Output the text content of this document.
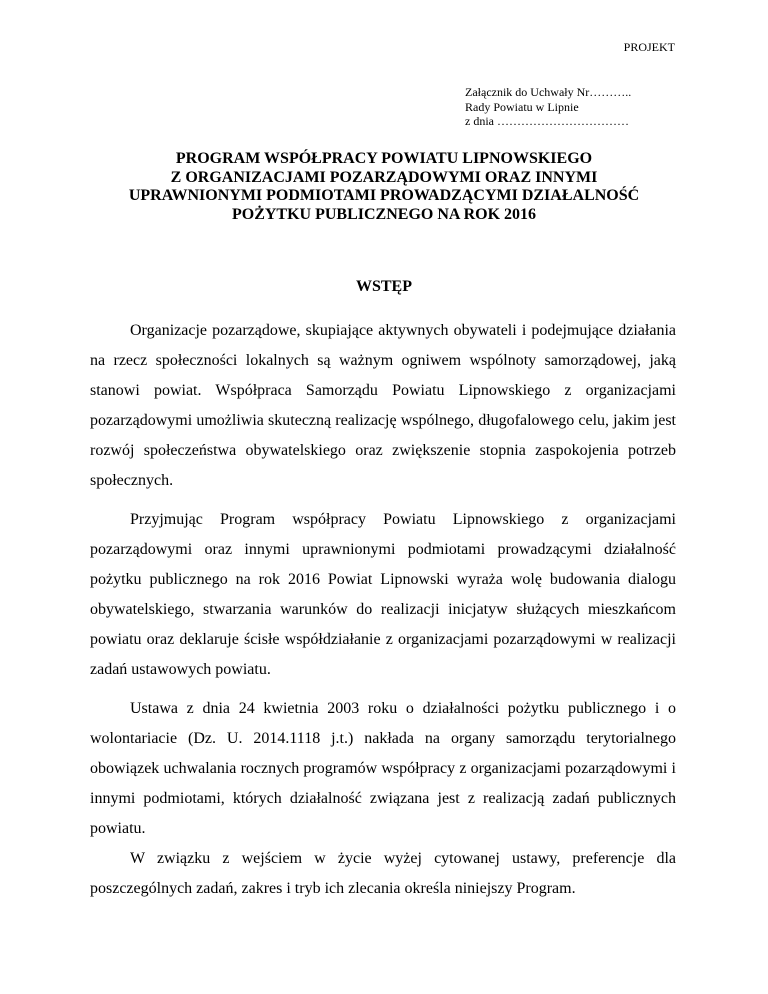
PROJEKT
Załącznik do Uchwały Nr………..
Rady Powiatu w Lipnie
z dnia ……………………………
PROGRAM WSPÓŁPRACY POWIATU LIPNOWSKIEGO
Z ORGANIZACJAMI POZARZĄDOWYMI ORAZ INNYMI
UPRAWNIONYMI PODMIOTAMI PROWADZĄCYMI DZIAŁALNOŚĆ
POŻYTKU PUBLICZNEGO NA ROK 2016
WSTĘP

Organizacje pozarządowe, skupiające aktywnych obywateli i podejmujące działania na rzecz społeczności lokalnych są ważnym ogniwem wspólnoty samorządowej, jaką stanowi powiat. Współpraca Samorządu Powiatu Lipnowskiego z organizacjami pozarządowymi umożliwia skuteczną realizację wspólnego, długofalowego celu, jakim jest rozwój społeczeństwa obywatelskiego oraz zwiększenie stopnia zaspokojenia potrzeb społecznych.

Przyjmując Program współpracy Powiatu Lipnowskiego z organizacjami pozarządowymi oraz innymi uprawnionymi podmiotami prowadzącymi działalność pożytku publicznego na rok 2016 Powiat Lipnowski wyraża wolę budowania dialogu obywatelskiego, stwarzania warunków do realizacji inicjatyw służących mieszkańcom powiatu oraz deklaruje ścisłe współdziałanie z organizacjami pozarządowymi w realizacji zadań ustawowych powiatu.

Ustawa z dnia 24 kwietnia 2003 roku o działalności pożytku publicznego i o wolontariacie (Dz. U. 2014.1118 j.t.) nakłada na organy samorządu terytorialnego obowiązek uchwalania rocznych programów współpracy z organizacjami pozarządowymi i innymi podmiotami, których działalność związana jest z realizacją zadań publicznych powiatu.

W związku z wejściem w życie wyżej cytowanej ustawy, preferencje dla poszczególnych zadań, zakres i tryb ich zlecania określa niniejszy Program.
